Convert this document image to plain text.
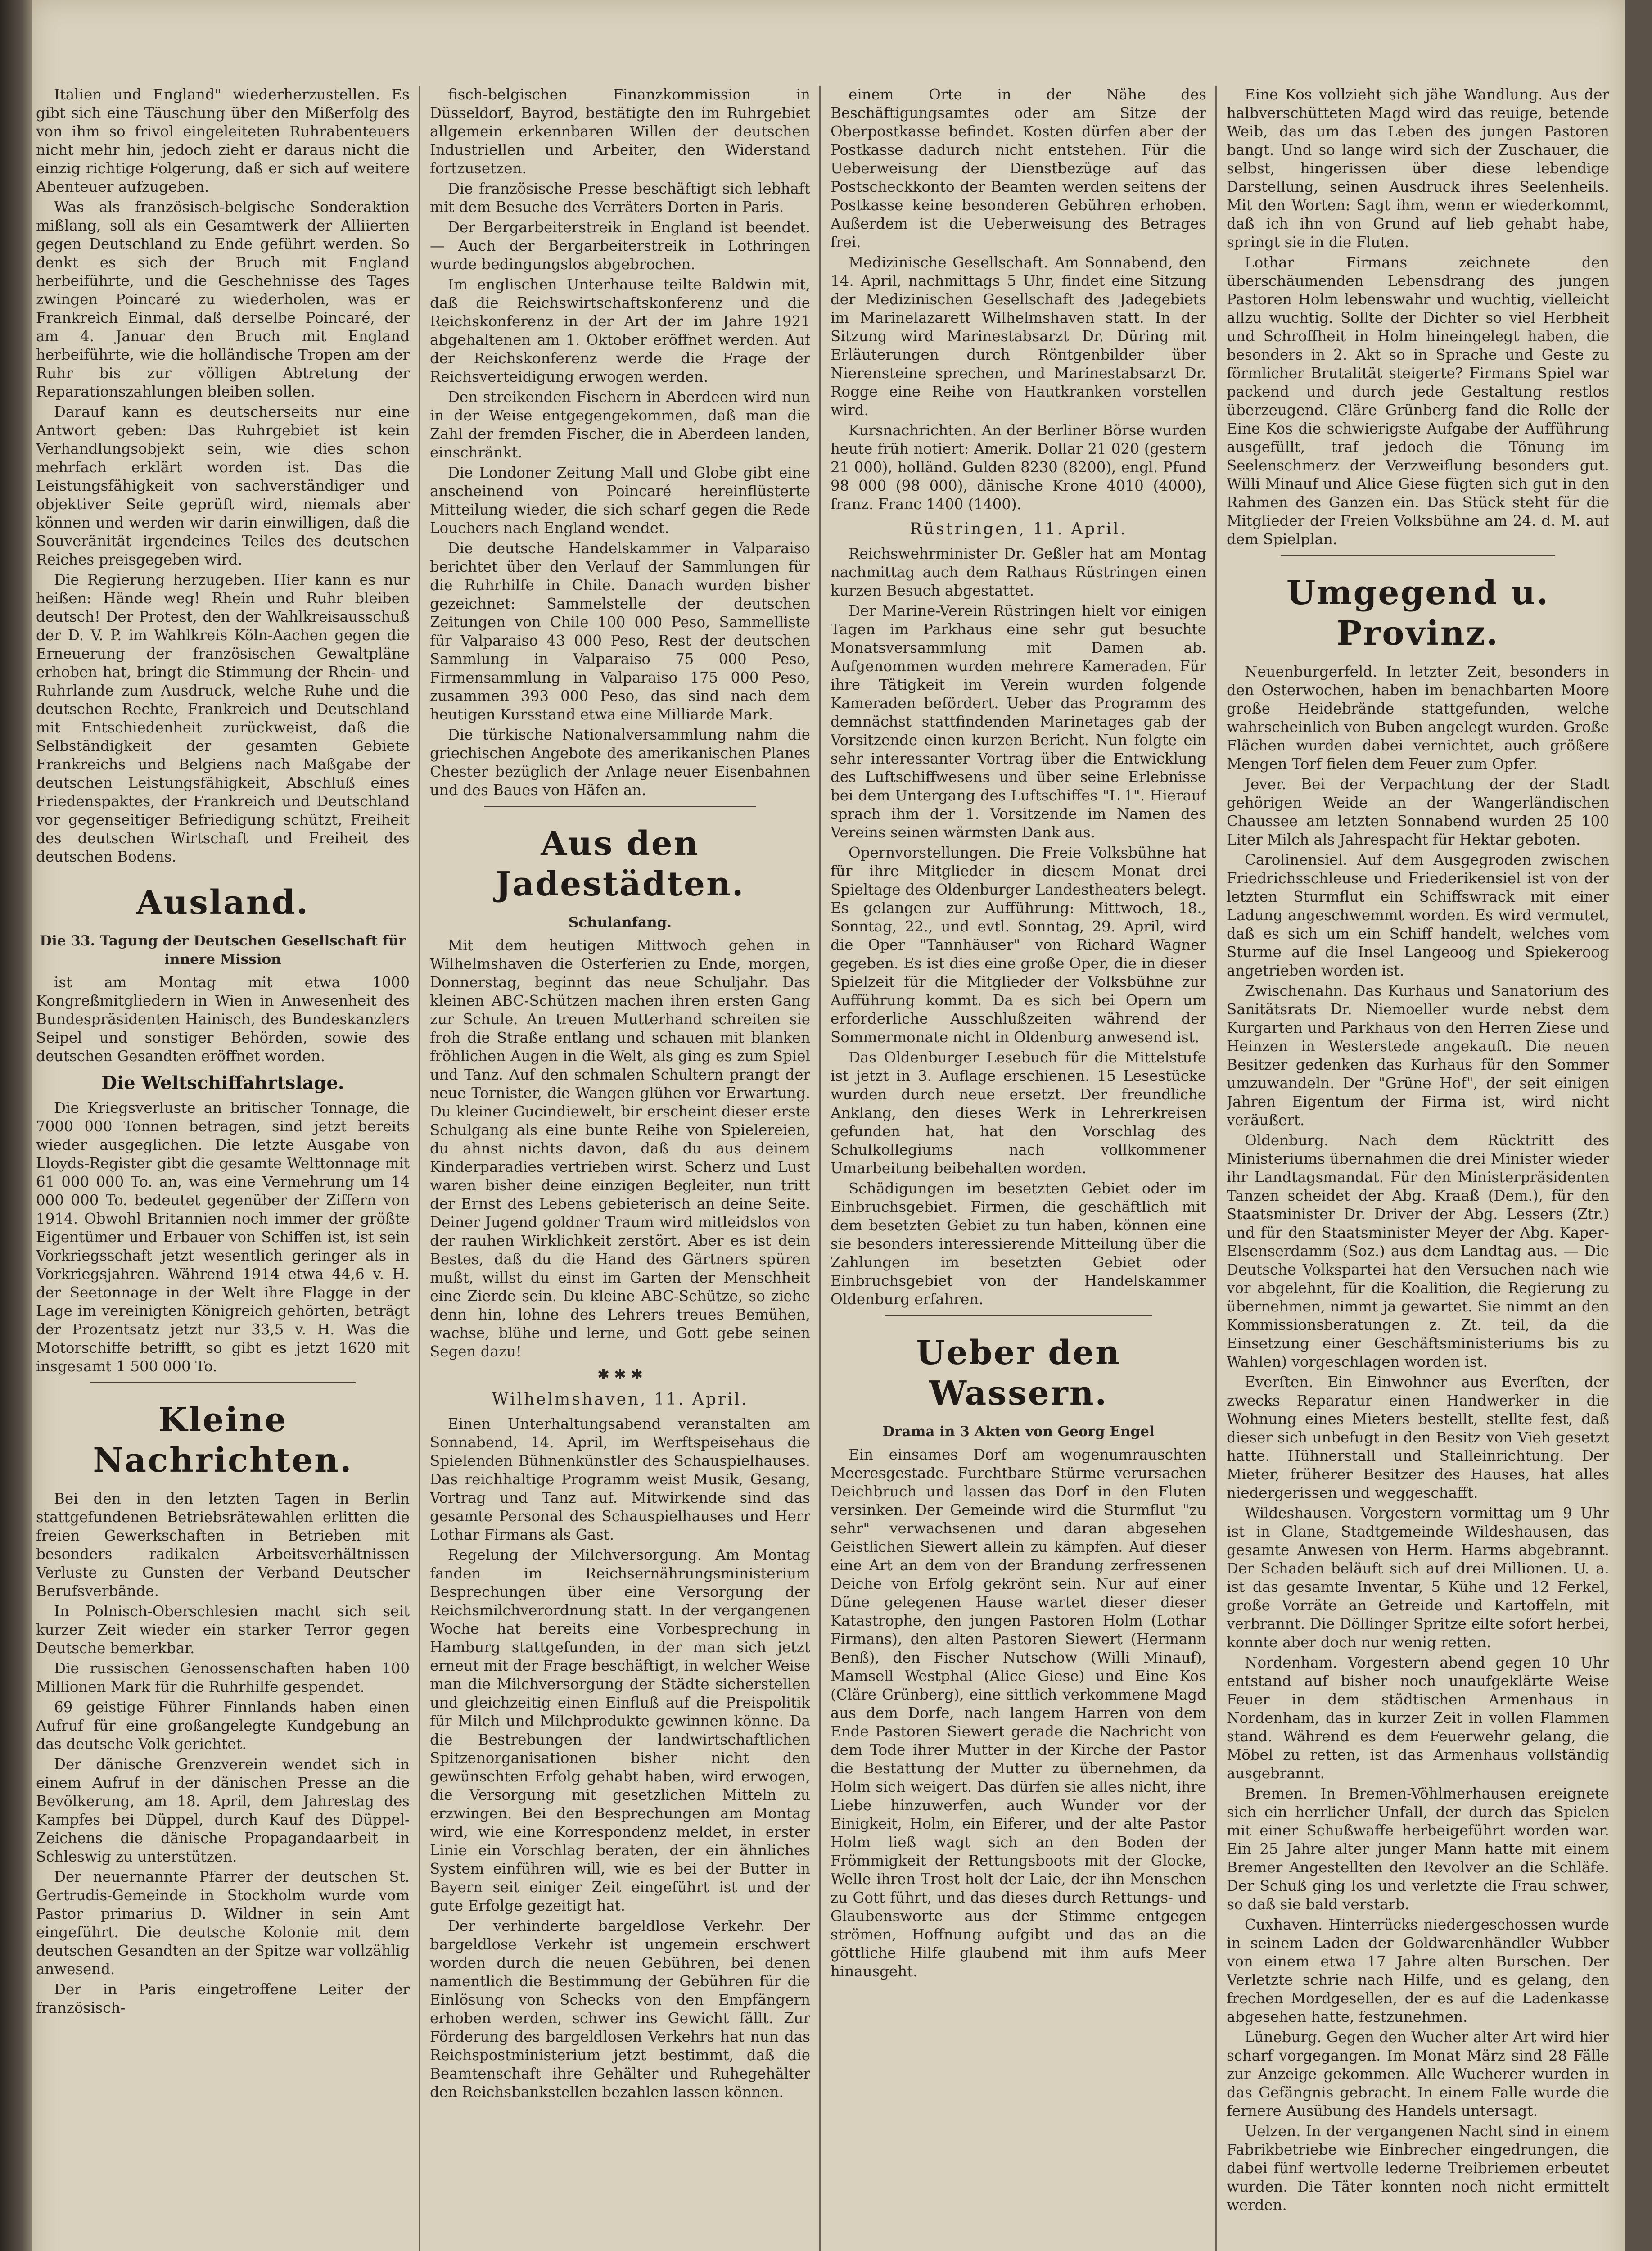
Italien und England" wiederherzustellen. Es gibt sich eine Täuschung über den Mißerfolg des von ihm so frivol eingeleiteten Ruhrabenteuers nicht mehr hin, jedoch zieht er daraus nicht die einzig richtige Folgerung, daß er sich auf weitere Abenteuer aufzugeben.

Was als französisch-belgische Sonderaktion mißlang, soll als ein Gesamtwerk der Alliierten gegen Deutschland zu Ende geführt werden. So denkt es sich der Bruch mit England herbeiführte, und die Geschehnisse des Tages zwingen Poincaré zu wiederholen, was er Frankreich Einmal, daß derselbe Poincaré, der am 4. Januar den Bruch mit England herbeiführte, wie die holländische Tropen am der Ruhr bis zur völligen Abtretung der Reparationszahlungen bleiben sollen.

Darauf kann es deutscherseits nur eine Antwort geben: Das Ruhrgebiet ist kein Verhandlungsobjekt sein, wie dies schon mehrfach erklärt worden ist. Das die Leistungsfähigkeit von sachverständiger und objektiver Seite geprüft wird, niemals aber können und werden wir darin einwilligen, daß die Souveränität irgendeines Teiles des deutschen Reiches preisgegeben wird.

Die Regierung herzugeben. Hier kann es nur heißen: Hände weg! Rhein und Ruhr bleiben deutsch! Der Protest, den der Wahlkreisausschuß der D. V. P. im Wahlkreis Köln-Aachen gegen die Erneuerung der französischen Gewaltpläne erhoben hat, bringt die Stimmung der Rhein- und Ruhrlande zum Ausdruck, welche Ruhe und die deutschen Rechte, Frankreich und Deutschland mit Entschiedenheit zurückweist, daß die Selbständigkeit der gesamten Gebiete Frankreichs und Belgiens nach Maßgabe der deutschen Leistungsfähigkeit, Abschluß eines Friedenspaktes, der Frankreich und Deutschland vor gegenseitiger Befriedigung schützt, Freiheit des deutschen Wirtschaft und Freiheit des deutschen Bodens.

Ausland.
Die 33. Tagung der Deutschen Gesellschaft für innere Mission

ist am Montag mit etwa 1000 Kongreßmitgliedern in Wien in Anwesenheit des Bundespräsidenten Hainisch, des Bundeskanzlers Seipel und sonstiger Behörden, sowie des deutschen Gesandten eröffnet worden.

Die Weltschiffahrtslage.

Die Kriegsverluste an britischer Tonnage, die 7000 000 Tonnen betragen, sind jetzt bereits wieder ausgeglichen. Die letzte Ausgabe von Lloyds-Register gibt die gesamte Welttonnage mit 61 000 000 To. an, was eine Vermehrung um 14 000 000 To. bedeutet gegenüber der Ziffern von 1914. Obwohl Britannien noch immer der größte Eigentümer und Erbauer von Schiffen ist, ist sein Vorkriegsschaft jetzt wesentlich geringer als in Vorkriegsjahren. Während 1914 etwa 44,6 v. H. der Seetonnage in der Welt ihre Flagge in der Lage im vereinigten Königreich gehörten, beträgt der Prozentsatz jetzt nur 33,5 v. H. Was die Motorschiffe betrifft, so gibt es jetzt 1620 mit insgesamt 1 500 000 To.

Kleine Nachrichten.

Bei den in den letzten Tagen in Berlin stattgefundenen Betriebsrätewahlen erlitten die freien Gewerkschaften in Betrieben mit besonders radikalen Arbeitsverhältnissen Verluste zu Gunsten der Verband Deutscher Berufsverbände.

In Polnisch-Oberschlesien macht sich seit kurzer Zeit wieder ein starker Terror gegen Deutsche bemerkbar.

Die russischen Genossenschaften haben 100 Millionen Mark für die Ruhrhilfe gespendet.

69 geistige Führer Finnlands haben einen Aufruf für eine großangelegte Kundgebung an das deutsche Volk gerichtet.

Der dänische Grenzverein wendet sich in einem Aufruf in der dänischen Presse an die Bevölkerung, am 18. April, dem Jahrestag des Kampfes bei Düppel, durch Kauf des Düppel-Zeichens die dänische Propagandaarbeit in Schleswig zu unterstützen.

Der neuernannte Pfarrer der deutschen St. Gertrudis-Gemeinde in Stockholm wurde vom Pastor primarius D. Wildner in sein Amt eingeführt. Die deutsche Kolonie mit dem deutschen Gesandten an der Spitze war vollzählig anwesend.

Der in Paris eingetroffene Leiter der französisch-

fisch-belgischen Finanzkommission in Düsseldorf, Bayrod, bestätigte den im Ruhrgebiet allgemein erkennbaren Willen der deutschen Industriellen und Arbeiter, den Widerstand fortzusetzen.

Die französische Presse beschäftigt sich lebhaft mit dem Besuche des Verräters Dorten in Paris.

Der Bergarbeiterstreik in England ist beendet. — Auch der Bergarbeiterstreik in Lothringen wurde bedingungslos abgebrochen.

Im englischen Unterhause teilte Baldwin mit, daß die Reichswirtschaftskonferenz und die Reichskonferenz in der Art der im Jahre 1921 abgehaltenen am 1. Oktober eröffnet werden. Auf der Reichskonferenz werde die Frage der Reichsverteidigung erwogen werden.

Den streikenden Fischern in Aberdeen wird nun in der Weise entgegengekommen, daß man die Zahl der fremden Fischer, die in Aberdeen landen, einschränkt.

Die Londoner Zeitung Mall und Globe gibt eine anscheinend von Poincaré hereinflüsterte Mitteilung wieder, die sich scharf gegen die Rede Louchers nach England wendet.

Die deutsche Handelskammer in Valparaiso berichtet über den Verlauf der Sammlungen für die Ruhrhilfe in Chile. Danach wurden bisher gezeichnet: Sammelstelle der deutschen Zeitungen von Chile 100 000 Peso, Sammelliste für Valparaiso 43 000 Peso, Rest der deutschen Sammlung in Valparaiso 75 000 Peso, Firmensammlung in Valparaiso 175 000 Peso, zusammen 393 000 Peso, das sind nach dem heutigen Kursstand etwa eine Milliarde Mark.

Die türkische Nationalversammlung nahm die griechischen Angebote des amerikanischen Planes Chester bezüglich der Anlage neuer Eisenbahnen und des Baues von Häfen an.

Aus den Jadestädten.
Schulanfang.

Mit dem heutigen Mittwoch gehen in Wilhelmshaven die Osterferien zu Ende, morgen, Donnerstag, beginnt das neue Schuljahr. Das kleinen ABC-Schützen machen ihren ersten Gang zur Schule. An treuen Mutterhand schreiten sie froh die Straße entlang und schauen mit blanken fröhlichen Augen in die Welt, als ging es zum Spiel und Tanz. Auf den schmalen Schultern prangt der neue Tornister, die Wangen glühen vor Erwartung. Du kleiner Gucindiewelt, bir erscheint dieser erste Schulgang als eine bunte Reihe von Spielereien, du ahnst nichts davon, daß du aus deinem Kinderparadies vertrieben wirst. Scherz und Lust waren bisher deine einzigen Begleiter, nun tritt der Ernst des Lebens gebieterisch an deine Seite. Deiner Jugend goldner Traum wird mitleidslos von der rauhen Wirklichkeit zerstört. Aber es ist dein Bestes, daß du die Hand des Gärtners spüren mußt, willst du einst im Garten der Menschheit eine Zierde sein. Du kleine ABC-Schütze, so ziehe denn hin, lohne des Lehrers treues Bemühen, wachse, blühe und lerne, und Gott gebe seinen Segen dazu!

✱ ✱ ✱
Wilhelmshaven, 11. April.

Einen Unterhaltungsabend veranstalten am Sonnabend, 14. April, im Werftspeisehaus die Spielenden Bühnenkünstler des Schauspielhauses. Das reichhaltige Programm weist Musik, Gesang, Vortrag und Tanz auf. Mitwirkende sind das gesamte Personal des Schauspielhauses und Herr Lothar Firmans als Gast.

Regelung der Milchversorgung. Am Montag fanden im Reichsernährungsministerium Besprechungen über eine Versorgung der Reichsmilchverordnung statt. In der vergangenen Woche hat bereits eine Vorbesprechung in Hamburg stattgefunden, in der man sich jetzt erneut mit der Frage beschäftigt, in welcher Weise man die Milchversorgung der Städte sicherstellen und gleichzeitig einen Einfluß auf die Preispolitik für Milch und Milchprodukte gewinnen könne. Da die Bestrebungen der landwirtschaftlichen Spitzenorganisationen bisher nicht den gewünschten Erfolg gehabt haben, wird erwogen, die Versorgung mit gesetzlichen Mitteln zu erzwingen. Bei den Besprechungen am Montag wird, wie eine Korrespondenz meldet, in erster Linie ein Vorschlag beraten, der ein ähnliches System einführen will, wie es bei der Butter in Bayern seit einiger Zeit eingeführt ist und der gute Erfolge gezeitigt hat.

Der verhinderte bargeldlose Verkehr. Der bargeldlose Verkehr ist ungemein erschwert worden durch die neuen Gebühren, bei denen namentlich die Bestimmung der Gebühren für die Einlösung von Schecks von den Empfängern erhoben werden, schwer ins Gewicht fällt. Zur Förderung des bargeldlosen Verkehrs hat nun das Reichspostministerium jetzt bestimmt, daß die Beamtenschaft ihre Gehälter und Ruhegehälter den Reichsbankstellen bezahlen lassen können.

einem Orte in der Nähe des Beschäftigungsamtes oder am Sitze der Oberpostkasse befindet. Kosten dürfen aber der Postkasse dadurch nicht entstehen. Für die Ueberweisung der Dienstbezüge auf das Postscheckkonto der Beamten werden seitens der Postkasse keine besonderen Gebühren erhoben. Außerdem ist die Ueberweisung des Betrages frei.

Medizinische Gesellschaft. Am Sonnabend, den 14. April, nachmittags 5 Uhr, findet eine Sitzung der Medizinischen Gesellschaft des Jadegebiets im Marinelazarett Wilhelmshaven statt. In der Sitzung wird Marinestabsarzt Dr. Düring mit Erläuterungen durch Röntgenbilder über Nierensteine sprechen, und Marinestabsarzt Dr. Rogge eine Reihe von Hautkranken vorstellen wird.

Kursnachrichten. An der Berliner Börse wurden heute früh notiert: Amerik. Dollar 21 020 (gestern 21 000), holländ. Gulden 8230 (8200), engl. Pfund 98 000 (98 000), dänische Krone 4010 (4000), franz. Franc 1400 (1400).

Rüstringen, 11. April.

Reichswehrminister Dr. Geßler hat am Montag nachmittag auch dem Rathaus Rüstringen einen kurzen Besuch abgestattet.

Der Marine-Verein Rüstringen hielt vor einigen Tagen im Parkhaus eine sehr gut besuchte Monatsversammlung mit Damen ab. Aufgenommen wurden mehrere Kameraden. Für ihre Tätigkeit im Verein wurden folgende Kameraden befördert. Ueber das Programm des demnächst stattfindenden Marinetages gab der Vorsitzende einen kurzen Bericht. Nun folgte ein sehr interessanter Vortrag über die Entwicklung des Luftschiffwesens und über seine Erlebnisse bei dem Untergang des Luftschiffes "L 1". Hierauf sprach ihm der 1. Vorsitzende im Namen des Vereins seinen wärmsten Dank aus.

Opernvorstellungen. Die Freie Volksbühne hat für ihre Mitglieder in diesem Monat drei Spieltage des Oldenburger Landestheaters belegt. Es gelangen zur Aufführung: Mittwoch, 18., Sonntag, 22., und evtl. Sonntag, 29. April, wird die Oper "Tannhäuser" von Richard Wagner gegeben. Es ist dies eine große Oper, die in dieser Spielzeit für die Mitglieder der Volksbühne zur Aufführung kommt. Da es sich bei Opern um erforderliche Ausschlußzeiten während der Sommermonate nicht in Oldenburg anwesend ist.

Das Oldenburger Lesebuch für die Mittelstufe ist jetzt in 3. Auflage erschienen. 15 Lesestücke wurden durch neue ersetzt. Der freundliche Anklang, den dieses Werk in Lehrerkreisen gefunden hat, hat den Vorschlag des Schulkollegiums nach vollkommener Umarbeitung beibehalten worden.

Schädigungen im besetzten Gebiet oder im Einbruchsgebiet. Firmen, die geschäftlich mit dem besetzten Gebiet zu tun haben, können eine sie besonders interessierende Mitteilung über die Zahlungen im besetzten Gebiet oder Einbruchsgebiet von der Handelskammer Oldenburg erfahren.

Ueber den Wassern.
Drama in 3 Akten von Georg Engel

Ein einsames Dorf am wogenumrauschten Meeresgestade. Furchtbare Stürme verursachen Deichbruch und lassen das Dorf in den Fluten versinken. Der Gemeinde wird die Sturmflut "zu sehr" verwachsenen und daran abgesehen Geistlichen Siewert allein zu kämpfen. Auf dieser eine Art an dem von der Brandung zerfressenen Deiche von Erfolg gekrönt sein. Nur auf einer Düne gelegenen Hause wartet dieser dieser Katastrophe, den jungen Pastoren Holm (Lothar Firmans), den alten Pastoren Siewert (Hermann Benß), den Fischer Nutschow (Willi Minauf), Mamsell Westphal (Alice Giese) und Eine Kos (Cläre Grünberg), eine sittlich verkommene Magd aus dem Dorfe, nach langem Harren von dem Ende Pastoren Siewert gerade die Nachricht von dem Tode ihrer Mutter in der Kirche der Pastor die Bestattung der Mutter zu übernehmen, da Holm sich weigert. Das dürfen sie alles nicht, ihre Liebe hinzuwerfen, auch Wunder vor der Einigkeit, Holm, ein Eiferer, und der alte Pastor Holm ließ wagt sich an den Boden der Frömmigkeit der Rettungsboots mit der Glocke, Welle ihren Trost holt der Laie, der ihn Menschen zu Gott führt, und das dieses durch Rettungs- und Glaubensworte aus der Stimme entgegen strömen, Hoffnung aufgibt und das an die göttliche Hilfe glaubend mit ihm aufs Meer hinausgeht.

Eine Kos vollzieht sich jähe Wandlung. Aus der halbverschütteten Magd wird das reuige, betende Weib, das um das Leben des jungen Pastoren bangt. Und so lange wird sich der Zuschauer, die selbst, hingerissen über diese lebendige Darstellung, seinen Ausdruck ihres Seelenheils. Mit den Worten: Sagt ihm, wenn er wiederkommt, daß ich ihn von Grund auf lieb gehabt habe, springt sie in die Fluten.

Lothar Firmans zeichnete den überschäumenden Lebensdrang des jungen Pastoren Holm lebenswahr und wuchtig, vielleicht allzu wuchtig. Sollte der Dichter so viel Herbheit und Schroffheit in Holm hineingelegt haben, die besonders in 2. Akt so in Sprache und Geste zu förmlicher Brutalität steigerte? Firmans Spiel war packend und durch jede Gestaltung restlos überzeugend. Cläre Grünberg fand die Rolle der Eine Kos die schwierigste Aufgabe der Aufführung ausgefüllt, traf jedoch die Tönung im Seelenschmerz der Verzweiflung besonders gut. Willi Minauf und Alice Giese fügten sich gut in den Rahmen des Ganzen ein. Das Stück steht für die Mitglieder der Freien Volksbühne am 24. d. M. auf dem Spielplan.

Umgegend u. Provinz.

Neuenburgerfeld. In letzter Zeit, besonders in den Osterwochen, haben im benachbarten Moore große Heidebrände stattgefunden, welche wahrscheinlich von Buben angelegt wurden. Große Flächen wurden dabei vernichtet, auch größere Mengen Torf fielen dem Feuer zum Opfer.

Jever. Bei der Verpachtung der der Stadt gehörigen Weide an der Wangerländischen Chaussee am letzten Sonnabend wurden 25 100 Liter Milch als Jahrespacht für Hektar geboten.

Carolinensiel. Auf dem Ausgegroden zwischen Friedrichsschleuse und Friederikensiel ist von der letzten Sturmflut ein Schiffswrack mit einer Ladung angeschwemmt worden. Es wird vermutet, daß es sich um ein Schiff handelt, welches vom Sturme auf die Insel Langeoog und Spiekeroog angetrieben worden ist.

Zwischenahn. Das Kurhaus und Sanatorium des Sanitätsrats Dr. Niemoeller wurde nebst dem Kurgarten und Parkhaus von den Herren Ziese und Heinzen in Westerstede angekauft. Die neuen Besitzer gedenken das Kurhaus für den Sommer umzuwandeln. Der "Grüne Hof", der seit einigen Jahren Eigentum der Firma ist, wird nicht veräußert.

Oldenburg. Nach dem Rücktritt des Ministeriums übernahmen die drei Minister wieder ihr Landtagsmandat. Für den Ministerpräsidenten Tanzen scheidet der Abg. Kraaß (Dem.), für den Staatsminister Dr. Driver der Abg. Lessers (Ztr.) und für den Staatsminister Meyer der Abg. Kaper-Elsenserdamm (Soz.) aus dem Landtag aus. — Die Deutsche Volkspartei hat den Versuchen nach wie vor abgelehnt, für die Koalition, die Regierung zu übernehmen, nimmt ja gewartet. Sie nimmt an den Kommissionsberatungen z. Zt. teil, da die Einsetzung einer Geschäftsministeriums bis zu Wahlen) vorgeschlagen worden ist.

Everſten. Ein Einwohner aus Everſten, der zwecks Reparatur einen Handwerker in die Wohnung eines Mieters bestellt, stellte fest, daß dieser sich unbefugt in den Besitz von Vieh gesetzt hatte. Hühnerstall und Stalleinrichtung. Der Mieter, früherer Besitzer des Hauses, hat alles niedergerissen und weggeschafft.

Wildeshausen. Vorgestern vormittag um 9 Uhr ist in Glane, Stadtgemeinde Wildeshausen, das gesamte Anwesen von Herm. Harms abgebrannt. Der Schaden beläuft sich auf drei Millionen. U. a. ist das gesamte Inventar, 5 Kühe und 12 Ferkel, große Vorräte an Getreide und Kartoffeln, mit verbrannt. Die Döllinger Spritze eilte sofort herbei, konnte aber doch nur wenig retten.

Nordenham. Vorgestern abend gegen 10 Uhr entstand auf bisher noch unaufgeklärte Weise Feuer in dem städtischen Armenhaus in Nordenham, das in kurzer Zeit in vollen Flammen stand. Während es dem Feuerwehr gelang, die Möbel zu retten, ist das Armenhaus vollständig ausgebrannt.

Bremen. In Bremen-Vöhlmerhausen ereignete sich ein herrlicher Unfall, der durch das Spielen mit einer Schußwaffe herbeigeführt worden war. Ein 25 Jahre alter junger Mann hatte mit einem Bremer Angestellten den Revolver an die Schläfe. Der Schuß ging los und verletzte die Frau schwer, so daß sie bald verstarb.

Cuxhaven. Hinterrücks niedergeschossen wurde in seinem Laden der Goldwarenhändler Wubber von einem etwa 17 Jahre alten Burschen. Der Verletzte schrie nach Hilfe, und es gelang, den frechen Mordgesellen, der es auf die Ladenkasse abgesehen hatte, festzunehmen.

Lüneburg. Gegen den Wucher alter Art wird hier scharf vorgegangen. Im Monat März sind 28 Fälle zur Anzeige gekommen. Alle Wucherer wurden in das Gefängnis gebracht. In einem Falle wurde die fernere Ausübung des Handels untersagt.

Uelzen. In der vergangenen Nacht sind in einem Fabrikbetriebe wie Einbrecher eingedrungen, die dabei fünf wertvolle lederne Treibriemen erbeutet wurden. Die Täter konnten noch nicht ermittelt werden.
